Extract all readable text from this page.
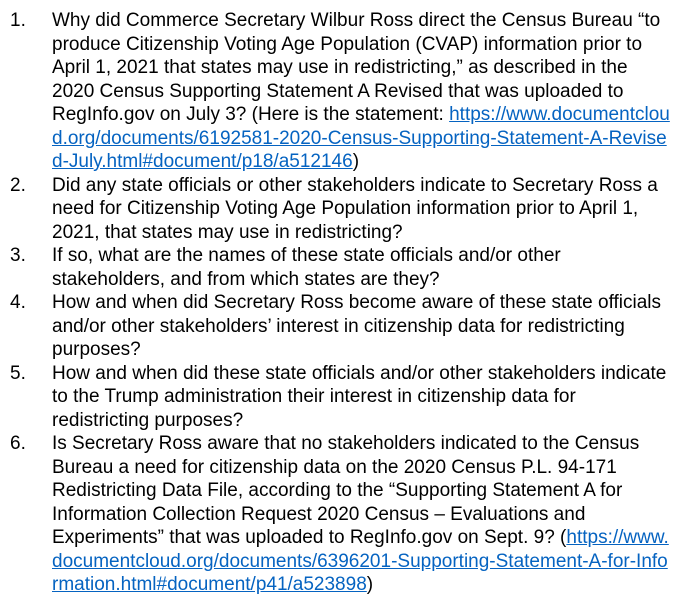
1.	Why did Commerce Secretary Wilbur Ross direct the Census Bureau “to produce Citizenship Voting Age Population (CVAP) information prior to April 1, 2021 that states may use in redistricting,” as described in the 2020 Census Supporting Statement A Revised that was uploaded to RegInfo.gov on July 3? (Here is the statement: https://www.documentcloud.org/documents/6192581-2020-Census-Supporting-Statement-A-Revised-July.html#document/p18/a512146)
2.	Did any state officials or other stakeholders indicate to Secretary Ross a need for Citizenship Voting Age Population information prior to April 1, 2021, that states may use in redistricting?
3.	If so, what are the names of these state officials and/or other stakeholders, and from which states are they?
4.	How and when did Secretary Ross become aware of these state officials and/or other stakeholders’ interest in citizenship data for redistricting purposes?
5.	How and when did these state officials and/or other stakeholders indicate to the Trump administration their interest in citizenship data for redistricting purposes?
6.	Is Secretary Ross aware that no stakeholders indicated to the Census Bureau a need for citizenship data on the 2020 Census P.L. 94-171 Redistricting Data File, according to the “Supporting Statement A for Information Collection Request 2020 Census – Evaluations and Experiments” that was uploaded to RegInfo.gov on Sept. 9? (https://www.documentcloud.org/documents/6396201-Supporting-Statement-A-for-Information.html#document/p41/a523898)
